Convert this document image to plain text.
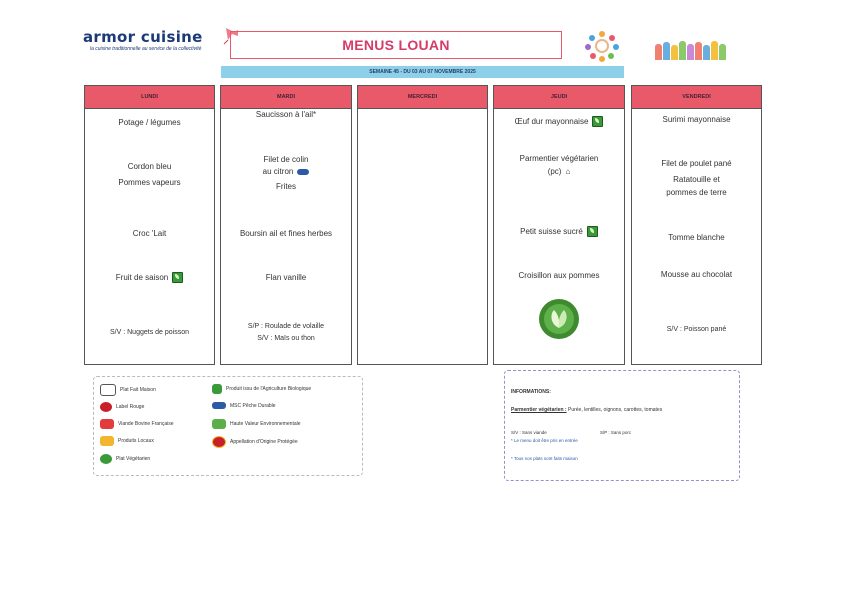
armor cuisine
la cuisine traditionnelle au service de la collectivité	MENUS LOUAN
SEMAINE 45 - DU 03 AU 07 NOVEMBRE 2025
LUNDI
Potage / légumes
Cordon bleu
Pommes vapeurs
Croc 'Lait
Fruit de saison
S/V : Nuggets de poisson
MARDI
Saucisson à l'ail*
Filet de colin
au citron
Frites
Boursin ail et fines herbes
Flan vanille
S/P : Roulade de volaille
S/V : Maïs ou thon
MERCREDI	JEUDI
Œuf dur mayonnaise
Parmentier végétarien
(pc) ⌂
Petit suisse sucré
Croisillon aux pommes
VENDREDI
Surimi mayonnaise
Filet de poulet pané
Ratatouille et
pommes de terre
Tomme blanche
Mousse au chocolat
S/V : Poisson pané
Plat Fait Maison
Label Rouge
Viande Bovine Française
Produits Locaux
Plat Végétarien
Produit issu de l'Agriculture Biologique
MSC Pêche Durable
Haute Valeur Environnementale
Appellation d'Origine Protégée
INFORMATIONS:
Parmentier végétarien : Purée, lentilles, oignons, carottes, tomates
S/V : Sans viande	S/P : Sans porc
* Le menu doit être pris en entrée
* Tous nos plats sont faits maison
